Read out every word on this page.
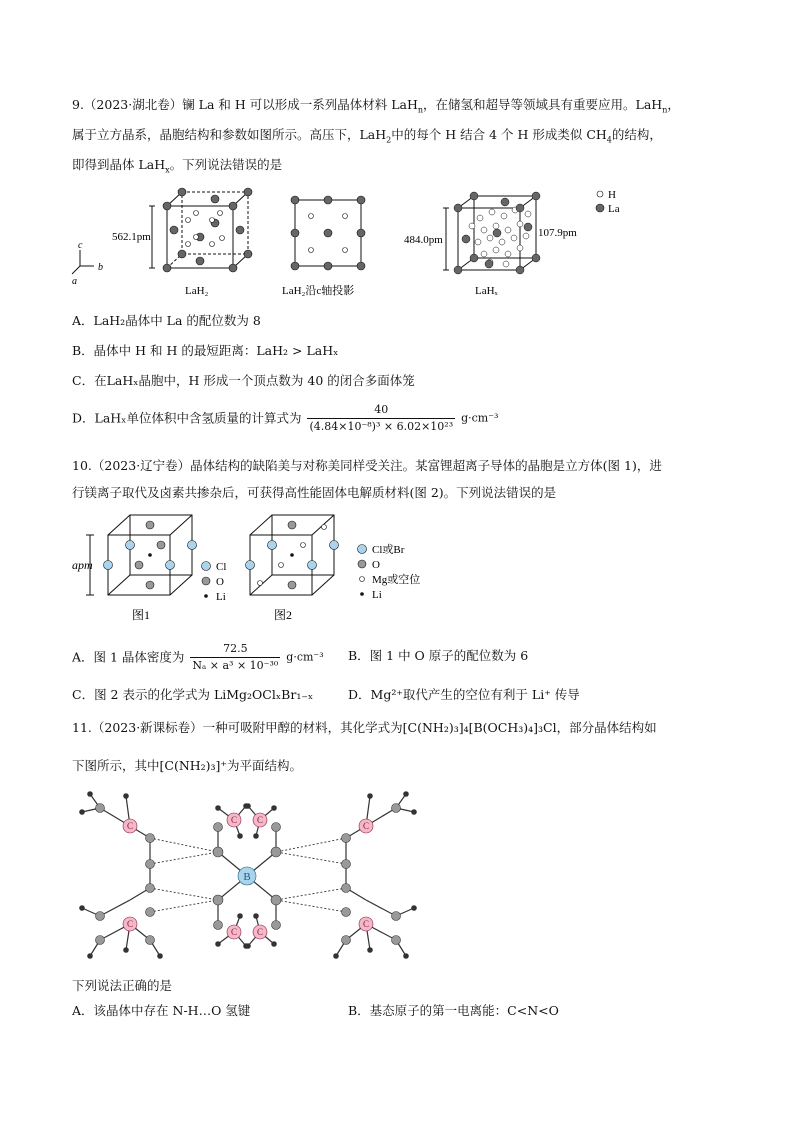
9.（2023·湖北卷）镧 La 和 H 可以形成一系列晶体材料 LaH$_n$，在储氢和超导等领域具有重要应用。LaH$_n$，
属于立方晶系，晶胞结构和参数如图所示。高压下，LaH$_2$中的每个 H 结合 4 个 H 形成类似 $CH_4$的结构，
即得到晶体 LaH$_x$。下列说法错误的是
c
b
a
562.1pm
LaH₂	LaH₂沿c轴投影
484.0pm
107.9pm
LaHₓ
H
La
A．LaH₂晶体中 La 的配位数为 8
B．晶体中 H 和 H 的最短距离：LaH₂ > LaHₓ
C．在LaHₓ晶胞中，H 形成一个顶点数为 40 的闭合多面体笼
D．LaHₓ单位体积中含氢质量的计算式为 $\frac{40}{\text{(4.84×10⁻⁸)³ × 6.02×10²³}} g\cdot cm^{-3}$
10.（2023·辽宁卷）晶体结构的缺陷美与对称美同样受关注。某富锂超离子导体的晶胞是立方体(图 1)，进
行镁离子取代及卤素共掺杂后，可获得高性能固体电解质材料(图 2)。下列说法错误的是
apm
图1
Cl
O
Li
图2
Cl或Br
O
Mg或空位
Li
A．图 1 晶体密度为 $\frac{72.5}{\text{Nₐ × a³ × 10⁻³⁰}} g\cdot cm^{-3}$ B．图 1 中 O 原子的配位数为 6
C．图 2 表示的化学式为 LiMg₂OClₓBr₁₋ₓ	D．Mg²⁺取代产生的空位有利于 Li⁺ 传导
11.（2023·新课标卷）一种可吸附甲醇的材料，其化学式为[C(NH₂)₃]₄[B(OCH₃)₄]₃Cl，部分晶体结构如
下图所示，其中[C(NH₂)₃]⁺为平面结构。
C C
C C
C
C
C
C
B
下列说法正确的是
A．该晶体中存在 N-H…O 氢键	B．基态原子的第一电离能：C<N<O
